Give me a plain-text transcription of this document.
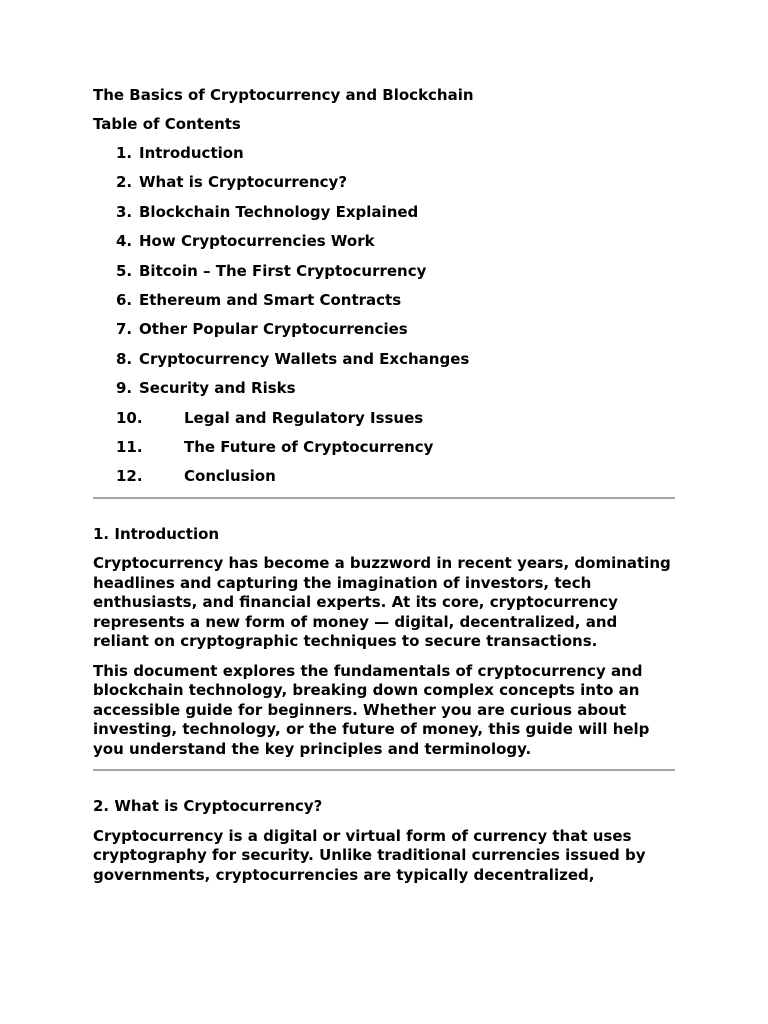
The Basics of Cryptocurrency and Blockchain
Table of Contents
1. Introduction
2. What is Cryptocurrency?
3. Blockchain Technology Explained
4. How Cryptocurrencies Work
5. Bitcoin – The First Cryptocurrency
6. Ethereum and Smart Contracts
7. Other Popular Cryptocurrencies
8. Cryptocurrency Wallets and Exchanges
9. Security and Risks
10.	Legal and Regulatory Issues
11.	The Future of Cryptocurrency
12.	Conclusion
1. Introduction

Cryptocurrency has become a buzzword in recent years, dominating headlines and capturing the imagination of investors, tech enthusiasts, and financial experts. At its core, cryptocurrency represents a new form of money — digital, decentralized, and reliant on cryptographic techniques to secure transactions.

This document explores the fundamentals of cryptocurrency and blockchain technology, breaking down complex concepts into an accessible guide for beginners. Whether you are curious about investing, technology, or the future of money, this guide will help you understand the key principles and terminology.

2. What is Cryptocurrency?

Cryptocurrency is a digital or virtual form of currency that uses cryptography for security. Unlike traditional currencies issued by governments, cryptocurrencies are typically decentralized,
